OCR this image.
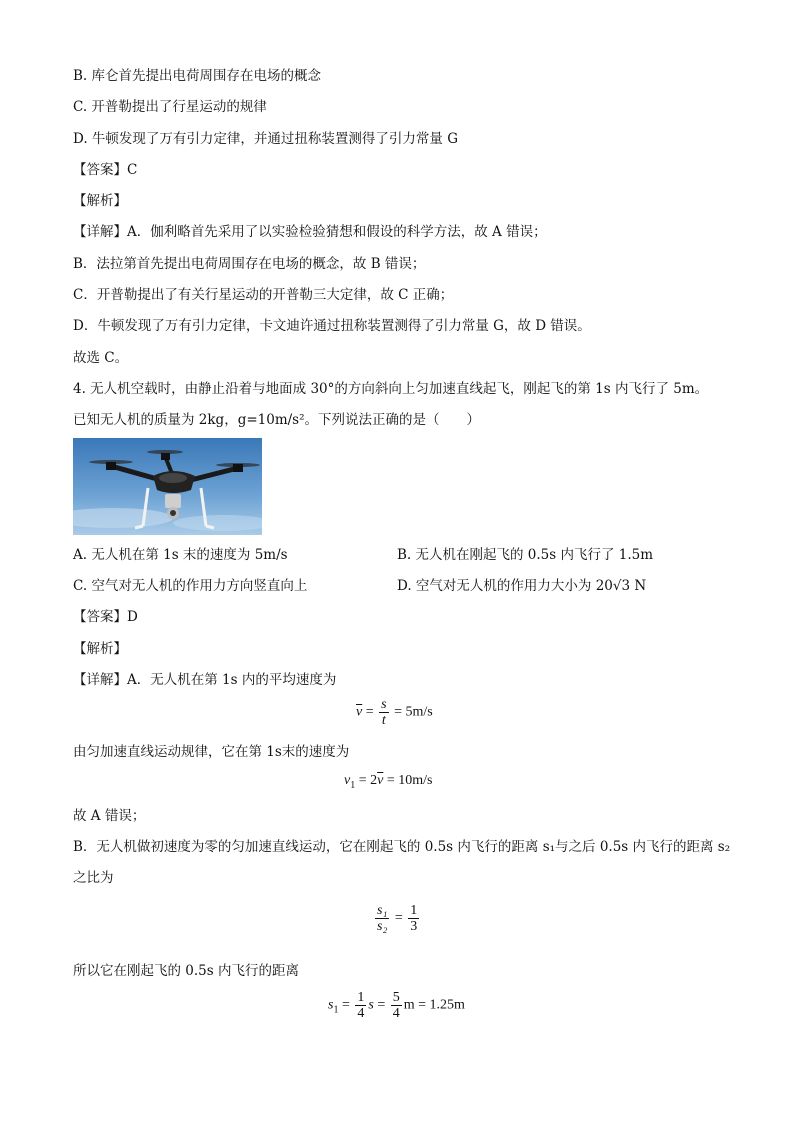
B. 库仑首先提出电荷周围存在电场的概念
C. 开普勒提出了行星运动的规律
D. 牛顿发现了万有引力定律，并通过扭称装置测得了引力常量 G
【答案】C
【解析】
【详解】A．伽利略首先采用了以实验检验猜想和假设的科学方法，故 A 错误；
B．法拉第首先提出电荷周围存在电场的概念，故 B 错误；
C．开普勒提出了有关行星运动的开普勒三大定律，故 C 正确；
D．牛顿发现了万有引力定律，卡文迪许通过扭称装置测得了引力常量 G，故 D 错误。
故选 C。
4. 无人机空载时，由静止沿着与地面成 30°的方向斜向上匀加速直线起飞，刚起飞的第 1s 内飞行了 5m。
已知无人机的质量为 2kg，g=10m/s²。下列说法正确的是（　　）
A. 无人机在第 1s 末的速度为 5m/s	B. 无人机在刚起飞的 0.5s 内飞行了 1.5m
C. 空气对无人机的作用力方向竖直向上	D. 空气对无人机的作用力大小为 20√3 N
【答案】D
【解析】
【详解】A．无人机在第 1s 内的平均速度为
$\overline{v} = \frac{s}{t} = 5m/s$
由匀加速直线运动规律，它在第 1s末的速度为
$v_1 = 2\overline{v} = 10m/s$
故 A 错误；
B．无人机做初速度为零的匀加速直线运动，它在刚起飞的 0.5s 内飞行的距离 s₁与之后 0.5s 内飞行的距离 s₂
之比为
$\frac{\text{s₁}}{\text{s₂}} = \frac{1}{3}$
所以它在刚起飞的 0.5s 内飞行的距离
$s_1 = \frac{1}{4}$ $s = \frac{5}{4}$ m = 1.25m
